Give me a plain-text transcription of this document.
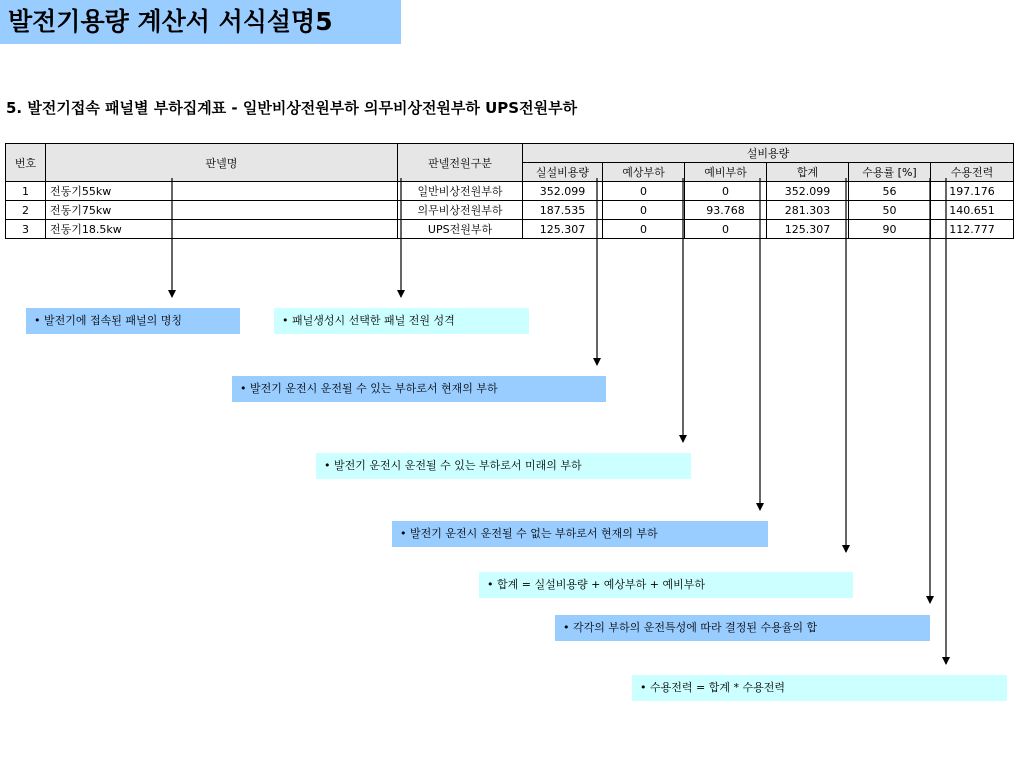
발전기용량 계산서 서식설명5
5. 발전기접속 패널별 부하집계표 - 일반비상전원부하 의무비상전원부하 UPS전원부하
번호	판넬명	판넬전원구분	설비용량					
			실설비용량	예상부하	예비부하	합계	수용률 [%]	수용전력
1	전동기55kw	일반비상전원부하	352.099	0	0	352.099	56	197.176
2	전동기75kw	의무비상전원부하	187.535	0	93.768	281.303	50	140.651
3	전동기18.5kw	UPS전원부하	125.307	0	0	125.307	90	112.777
• 발전기에 접속된 패널의 명칭	• 패널생성시 선택한 패널 전원 성격
• 발전기 운전시 운전될 수 있는 부하로서 현재의 부하
• 발전기 운전시 운전될 수 있는 부하로서 미래의 부하
• 발전기 운전시 운전될 수 없는 부하로서 현재의 부하
• 합계 = 실설비용량 + 예상부하 + 예비부하
• 각각의 부하의 운전특성에 따라 결정된 수용율의 합
• 수용전력 = 합계 * 수용전력
